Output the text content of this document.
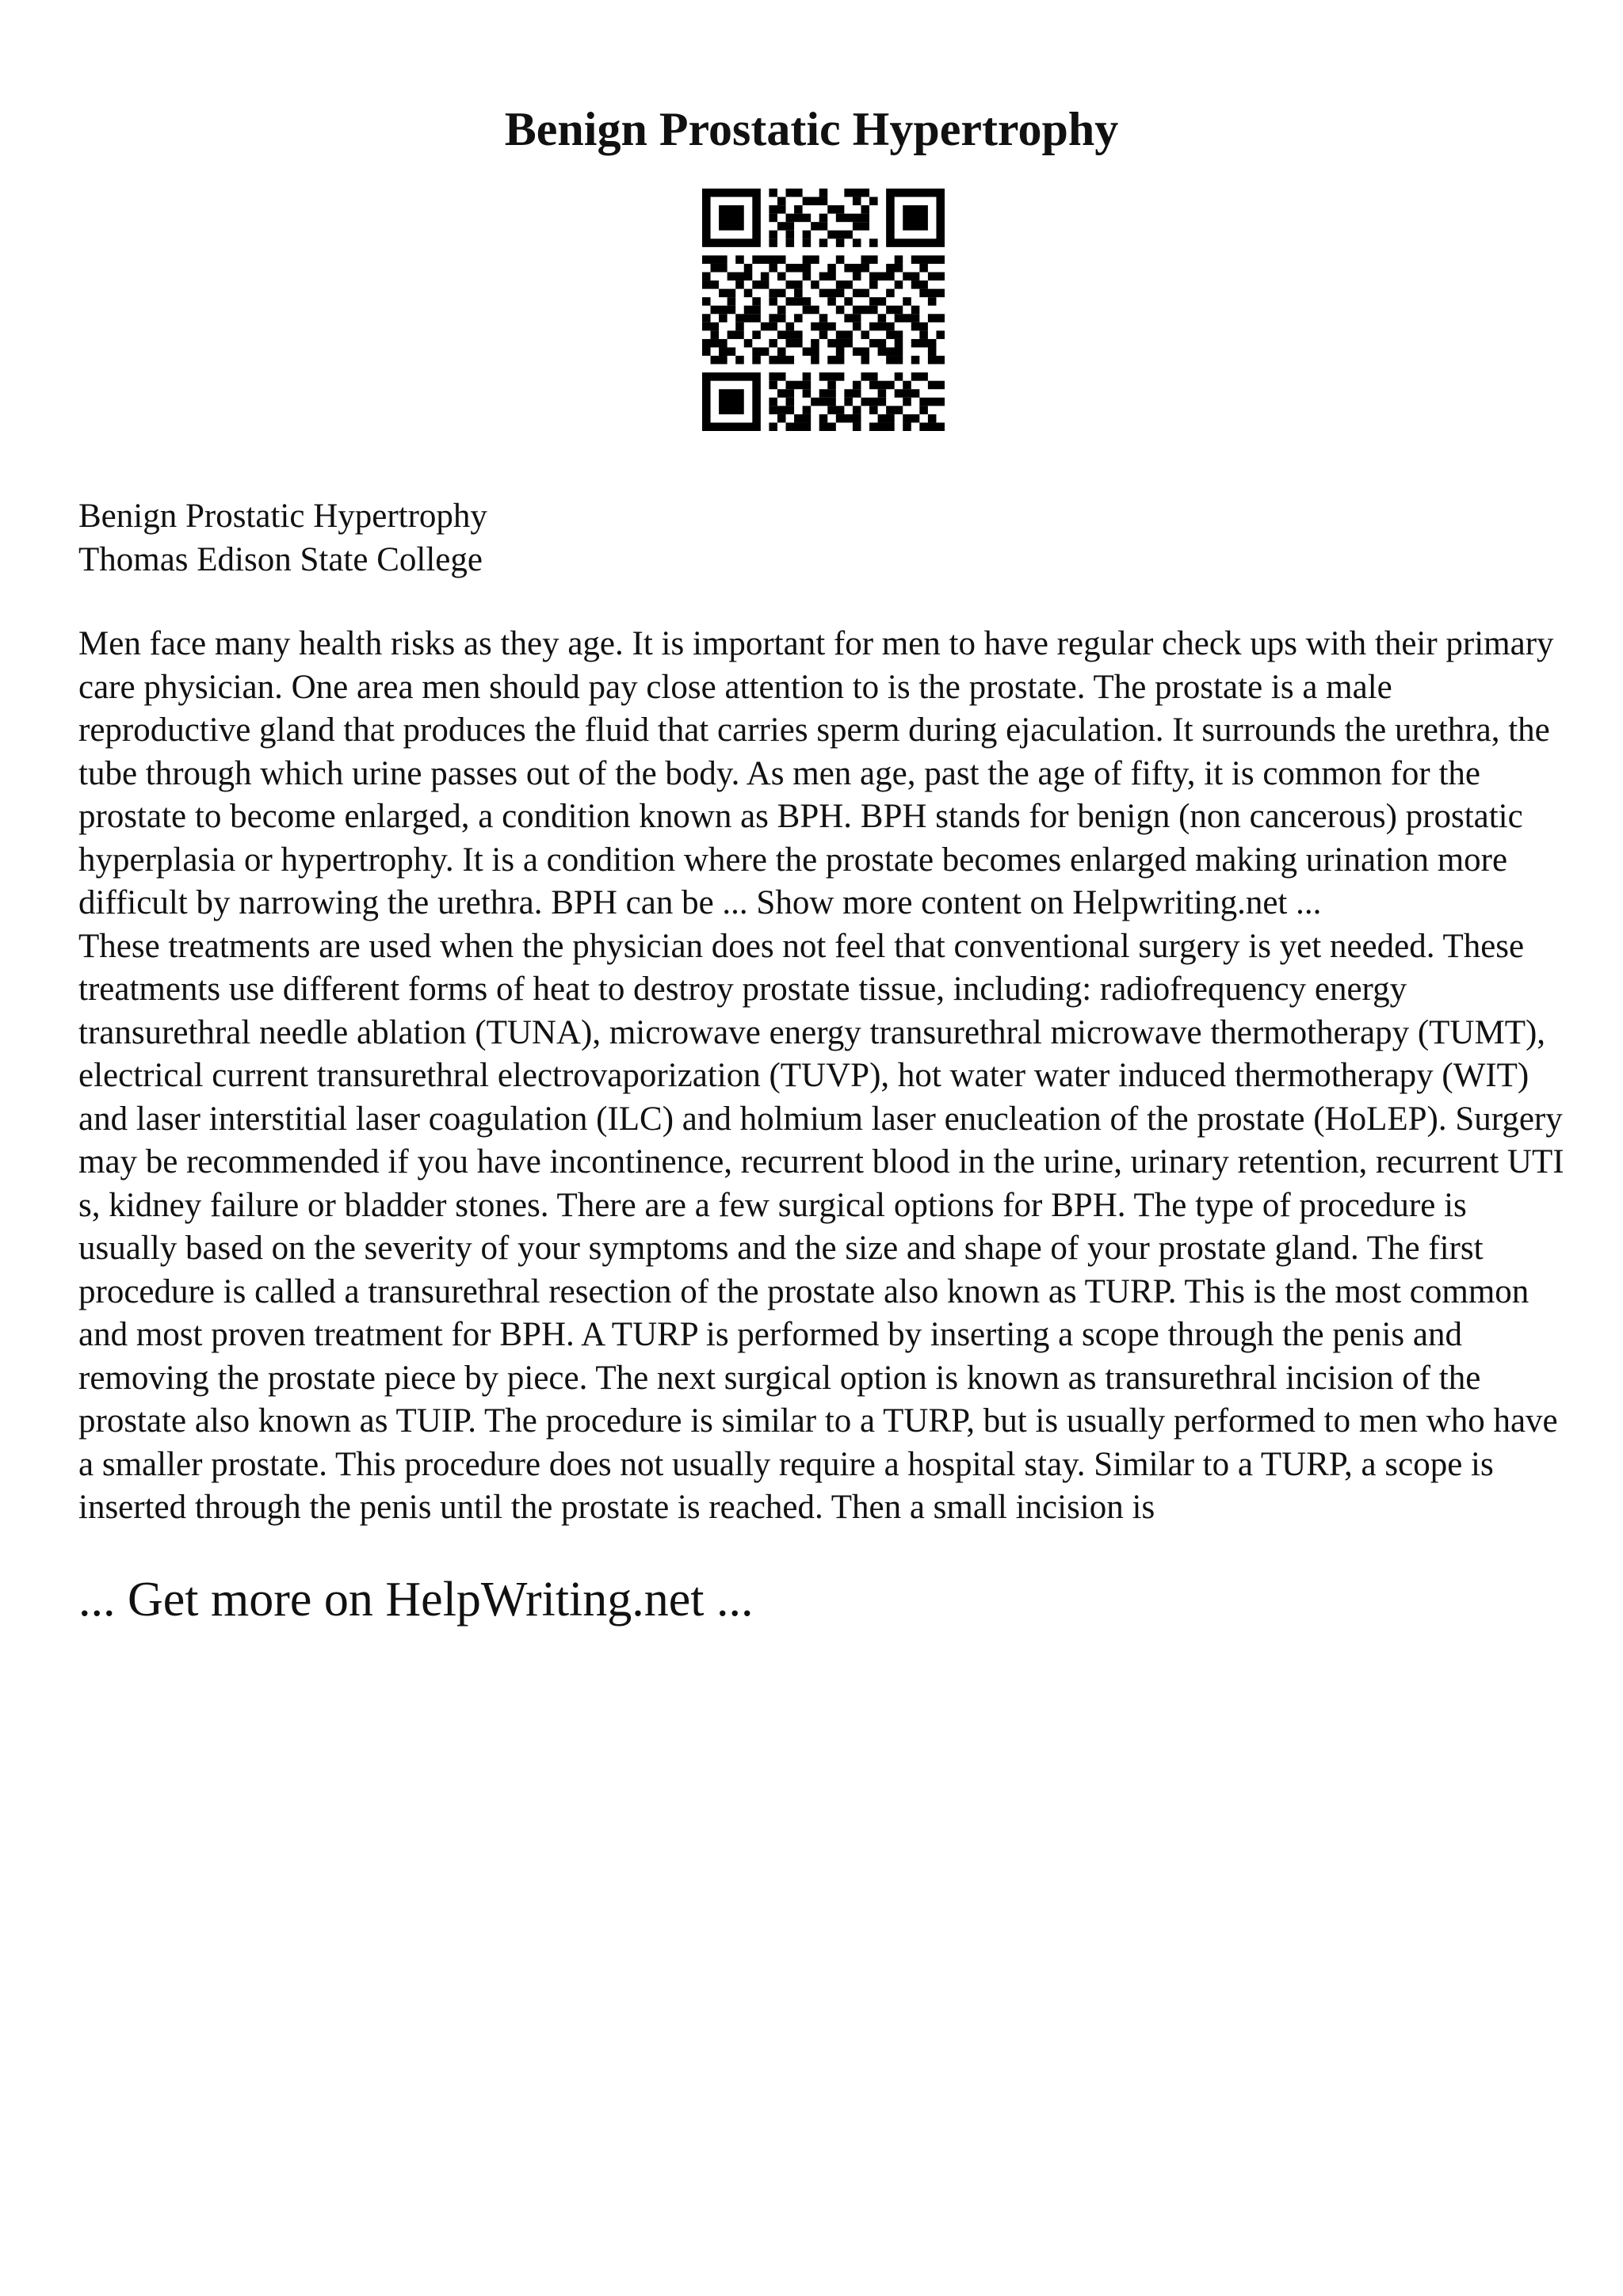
Benign Prostatic Hypertrophy

Benign Prostatic Hypertrophy

Thomas Edison State College

Men face many health risks as they age. It is important for men to have regular check ups with their primary care physician. One area men should pay close attention to is the prostate. The prostate is a male reproductive gland that produces the fluid that carries sperm during ejaculation. It surrounds the urethra, the tube through which urine passes out of the body. As men age, past the age of fifty, it is common for the prostate to become enlarged, a condition known as BPH. BPH stands for benign (non cancerous) prostatic hyperplasia or hypertrophy. It is a condition where the prostate becomes enlarged making urination more difficult by narrowing the urethra. BPH can be ... Show more content on Helpwriting.net ...

These treatments are used when the physician does not feel that conventional surgery is yet needed. These treatments use different forms of heat to destroy prostate tissue, including: radiofrequency energy transurethral needle ablation (TUNA), microwave energy transurethral microwave thermotherapy (TUMT), electrical current transurethral electrovaporization (TUVP), hot water water induced thermotherapy (WIT) and laser interstitial laser coagulation (ILC) and holmium laser enucleation of the prostate (HoLEP). Surgery may be recommended if you have incontinence, recurrent blood in the urine, urinary retention, recurrent UTI s, kidney failure or bladder stones. There are a few surgical options for BPH. The type of procedure is usually based on the severity of your symptoms and the size and shape of your prostate gland. The first procedure is called a transurethral resection of the prostate also known as TURP. This is the most common and most proven treatment for BPH. A TURP is performed by inserting a scope through the penis and removing the prostate piece by piece. The next surgical option is known as transurethral incision of the prostate also known as TUIP. The procedure is similar to a TURP, but is usually performed to men who have a smaller prostate. This procedure does not usually require a hospital stay. Similar to a TURP, a scope is inserted through the penis until the prostate is reached. Then a small incision is

... Get more on HelpWriting.net ...
